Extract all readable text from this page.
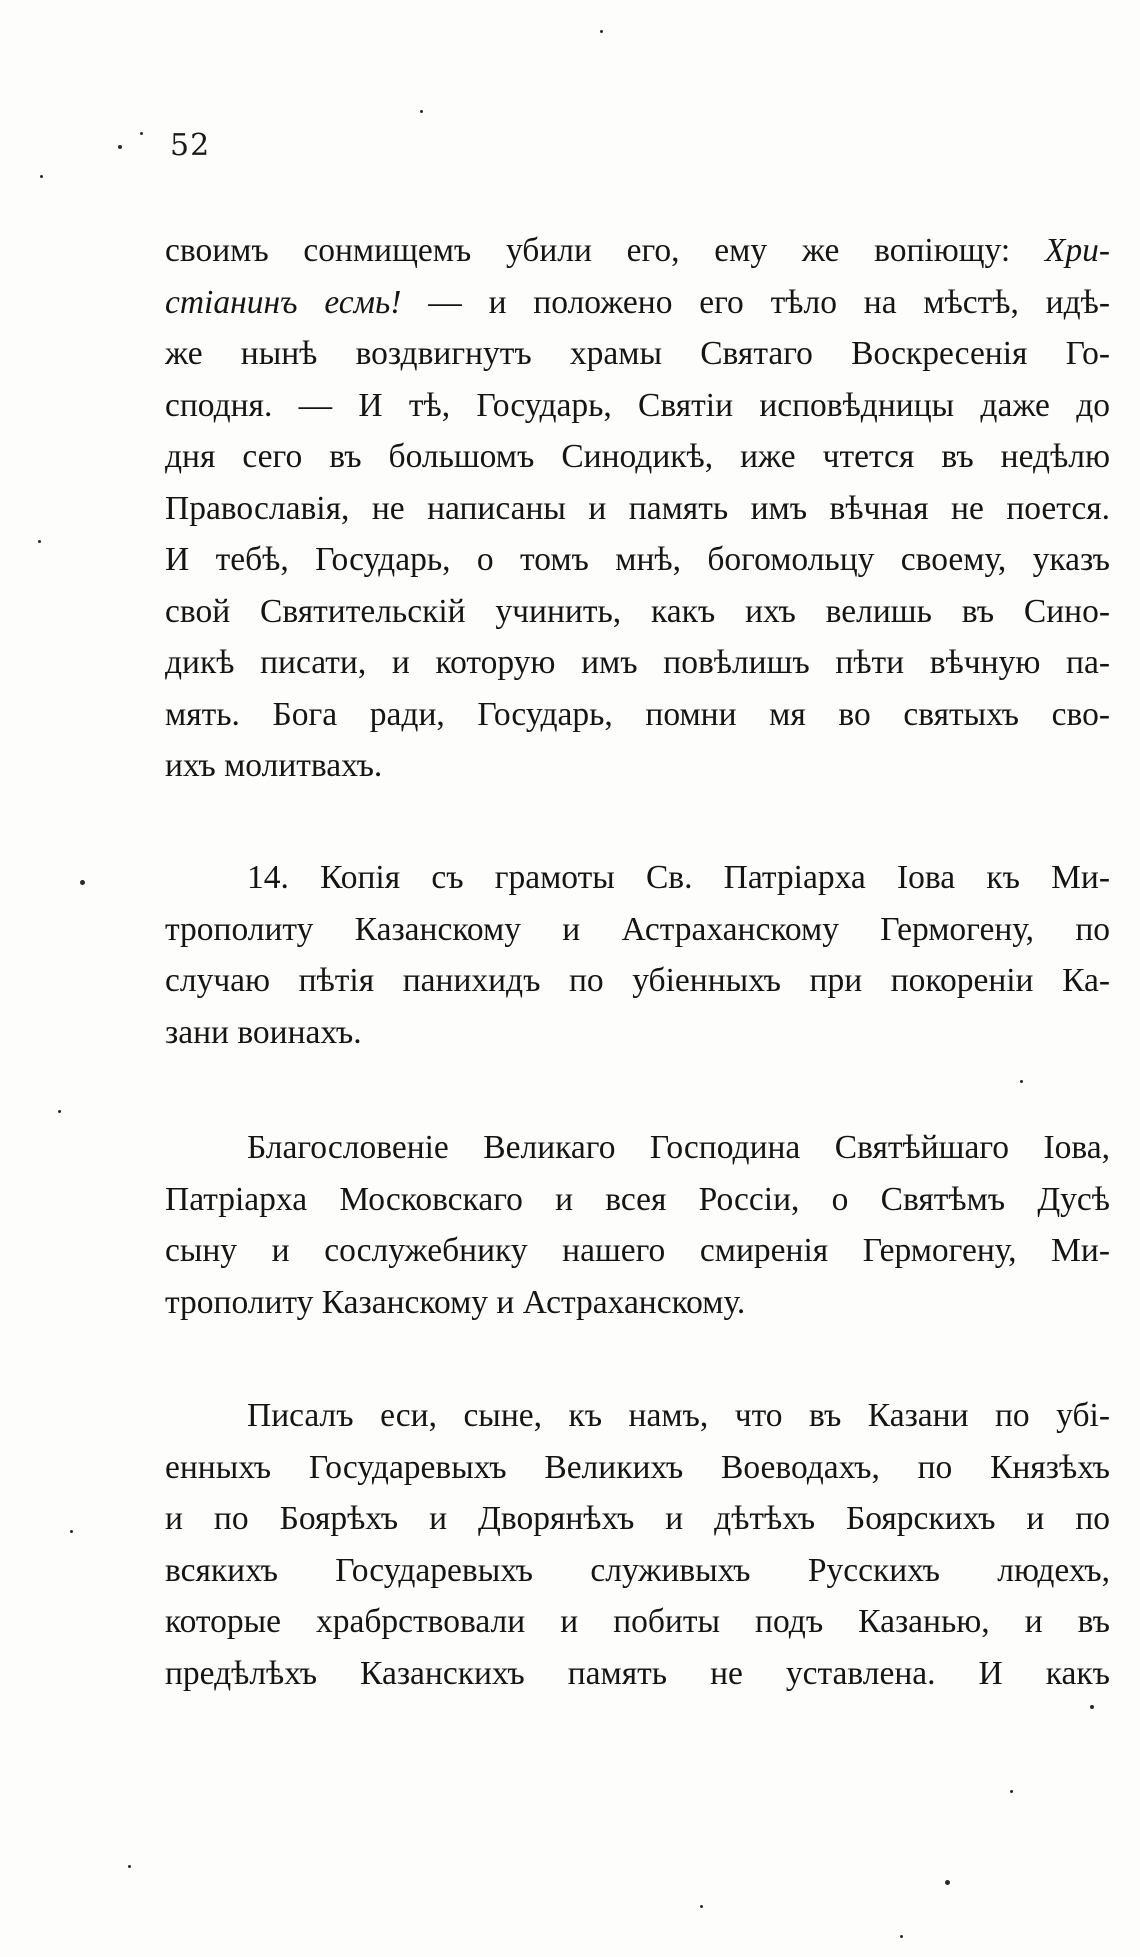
52
своимъ сонмищемъ убили его, ему же вопіющу: Хри-
стіанинъ есмь! — и положено его тѣло на мѣстѣ, идѣ-
же нынѣ воздвигнутъ храмы Святаго Воскресенія Го-
сподня. — И тѣ, Государь, Святіи исповѣдницы даже до
дня сего въ большомъ Синодикѣ, иже чтется въ недѣлю
Православія, не написаны и память имъ вѣчная не поется.
И тебѣ, Государь, о томъ мнѣ, богомольцу своему, указъ
свой Святительскій учинить, какъ ихъ велишь въ Сино-
дикѣ писати, и которую имъ повѣлишъ пѣти вѣчную па-
мять. Бога ради, Государь, помни мя во святыхъ сво-
ихъ молитвахъ.
14. Копія съ грамоты Св. Патріарха Іова къ Ми-
трополиту Казанскому и Астраханскому Гермогену, по
случаю пѣтія панихидъ по убіенныхъ при покореніи Ка-
зани воинахъ.
Благословеніе Великаго Господина Святѣйшаго Іова,
Патріарха Московскаго и всея Россіи, о Святѣмъ Дусѣ
сыну и сослужебнику нашего смиренія Гермогену, Ми-
трополиту Казанскому и Астраханскому.
Писалъ еси, сыне, къ намъ, что въ Казани по убі-
енныхъ Государевыхъ Великихъ Воеводахъ, по Князѣхъ
и по Боярѣхъ и Дворянѣхъ и дѣтѣхъ Боярскихъ и по
всякихъ Государевыхъ служивыхъ Русскихъ людехъ,
которые храбрствовали и побиты подъ Казанью, и въ
предѣлѣхъ Казанскихъ память не уставлена. И какъ
